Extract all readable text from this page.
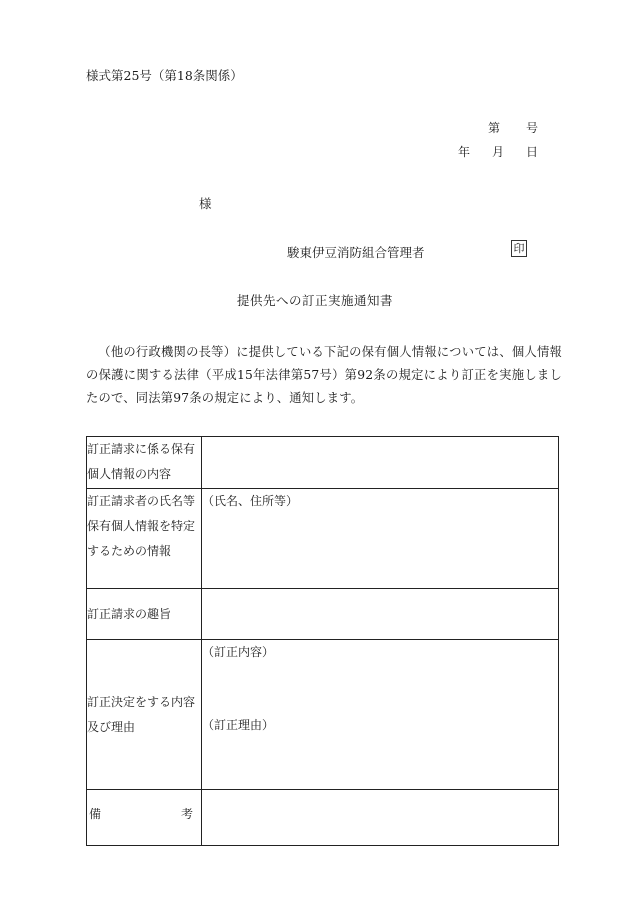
様式第25号（第18条関係）
第 号
年 月 日
様
駿東伊豆消防組合管理者	印
提供先への訂正実施通知書

（他の行政機関の長等）に提供している下記の保有個人情報については、個人情報の保護に関する法律（平成15年法律第57号）第92条の規定により訂正を実施しましたので、同法第97条の規定により、通知します。

訂正請求に係る保有個人情報の内容	
訂正請求者の氏名等保有個人情報を特定するための情報	（氏名、住所等）
訂正請求の趣旨	
訂正決定をする内容及び理由	（訂正内容）
（訂正理由）

備 考	
